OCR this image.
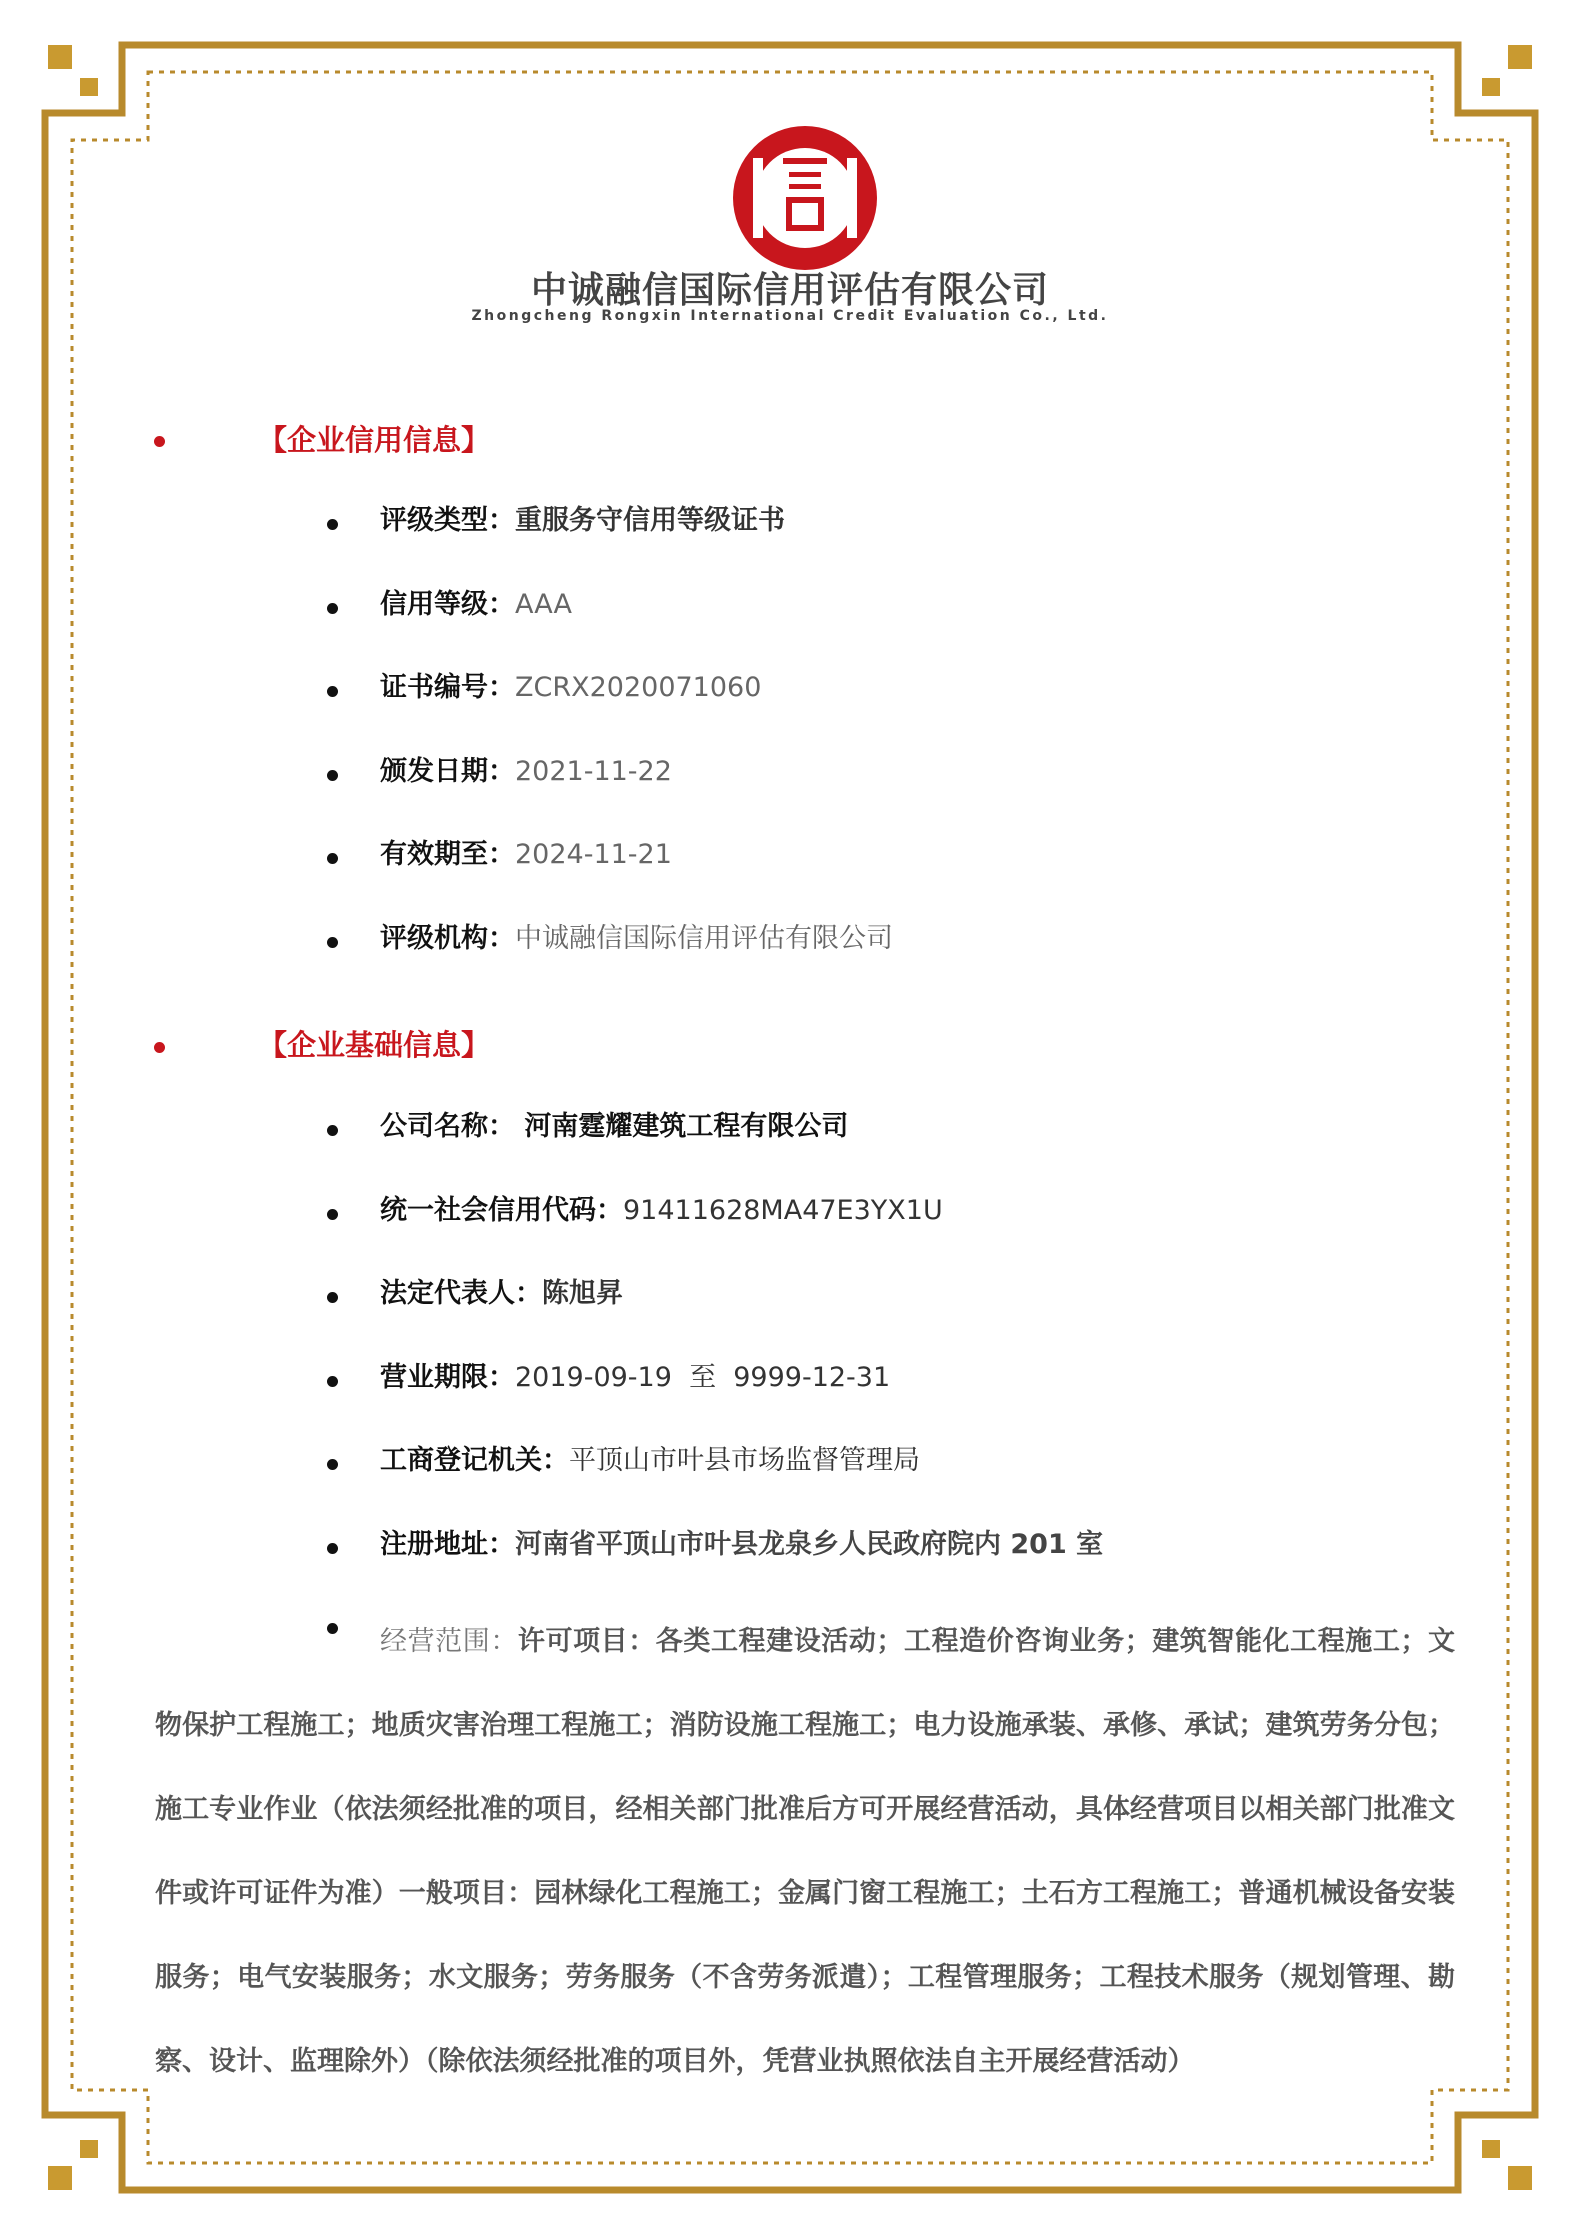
中诚融信国际信用评估有限公司
Zhongcheng Rongxin International Credit Evaluation Co., Ltd.
【企业信用信息】
评级类型：重服务守信用等级证书
信用等级：AAA
证书编号：ZCRX2020071060
颁发日期：2021-11-22
有效期至：2024-11-21
评级机构：中诚融信国际信用评估有限公司
【企业基础信息】
公司名称： 河南霆耀建筑工程有限公司
统一社会信用代码：91411628MA47E3YX1U
法定代表人：陈旭昇
营业期限：2019-09-19  至  9999-12-31
工商登记机关：平顶山市叶县市场监督管理局
注册地址：河南省平顶山市叶县龙泉乡人民政府院内 201 室
经营范围：许可项目：各类工程建设活动；工程造价咨询业务；建筑智能化工程施工；文物保护工程施工；地质灾害治理工程施工；消防设施工程施工；电力设施承装、承修、承试；建筑劳务分包；施工专业作业（依法须经批准的项目，经相关部门批准后方可开展经营活动，具体经营项目以相关部门批准文件或许可证件为准）一般项目：园林绿化工程施工；金属门窗工程施工；土石方工程施工；普通机械设备安装服务；电气安装服务；水文服务；劳务服务（不含劳务派遣）；工程管理服务；工程技术服务（规划管理、勘察、设计、监理除外）（除依法须经批准的项目外，凭营业执照依法自主开展经营活动）
